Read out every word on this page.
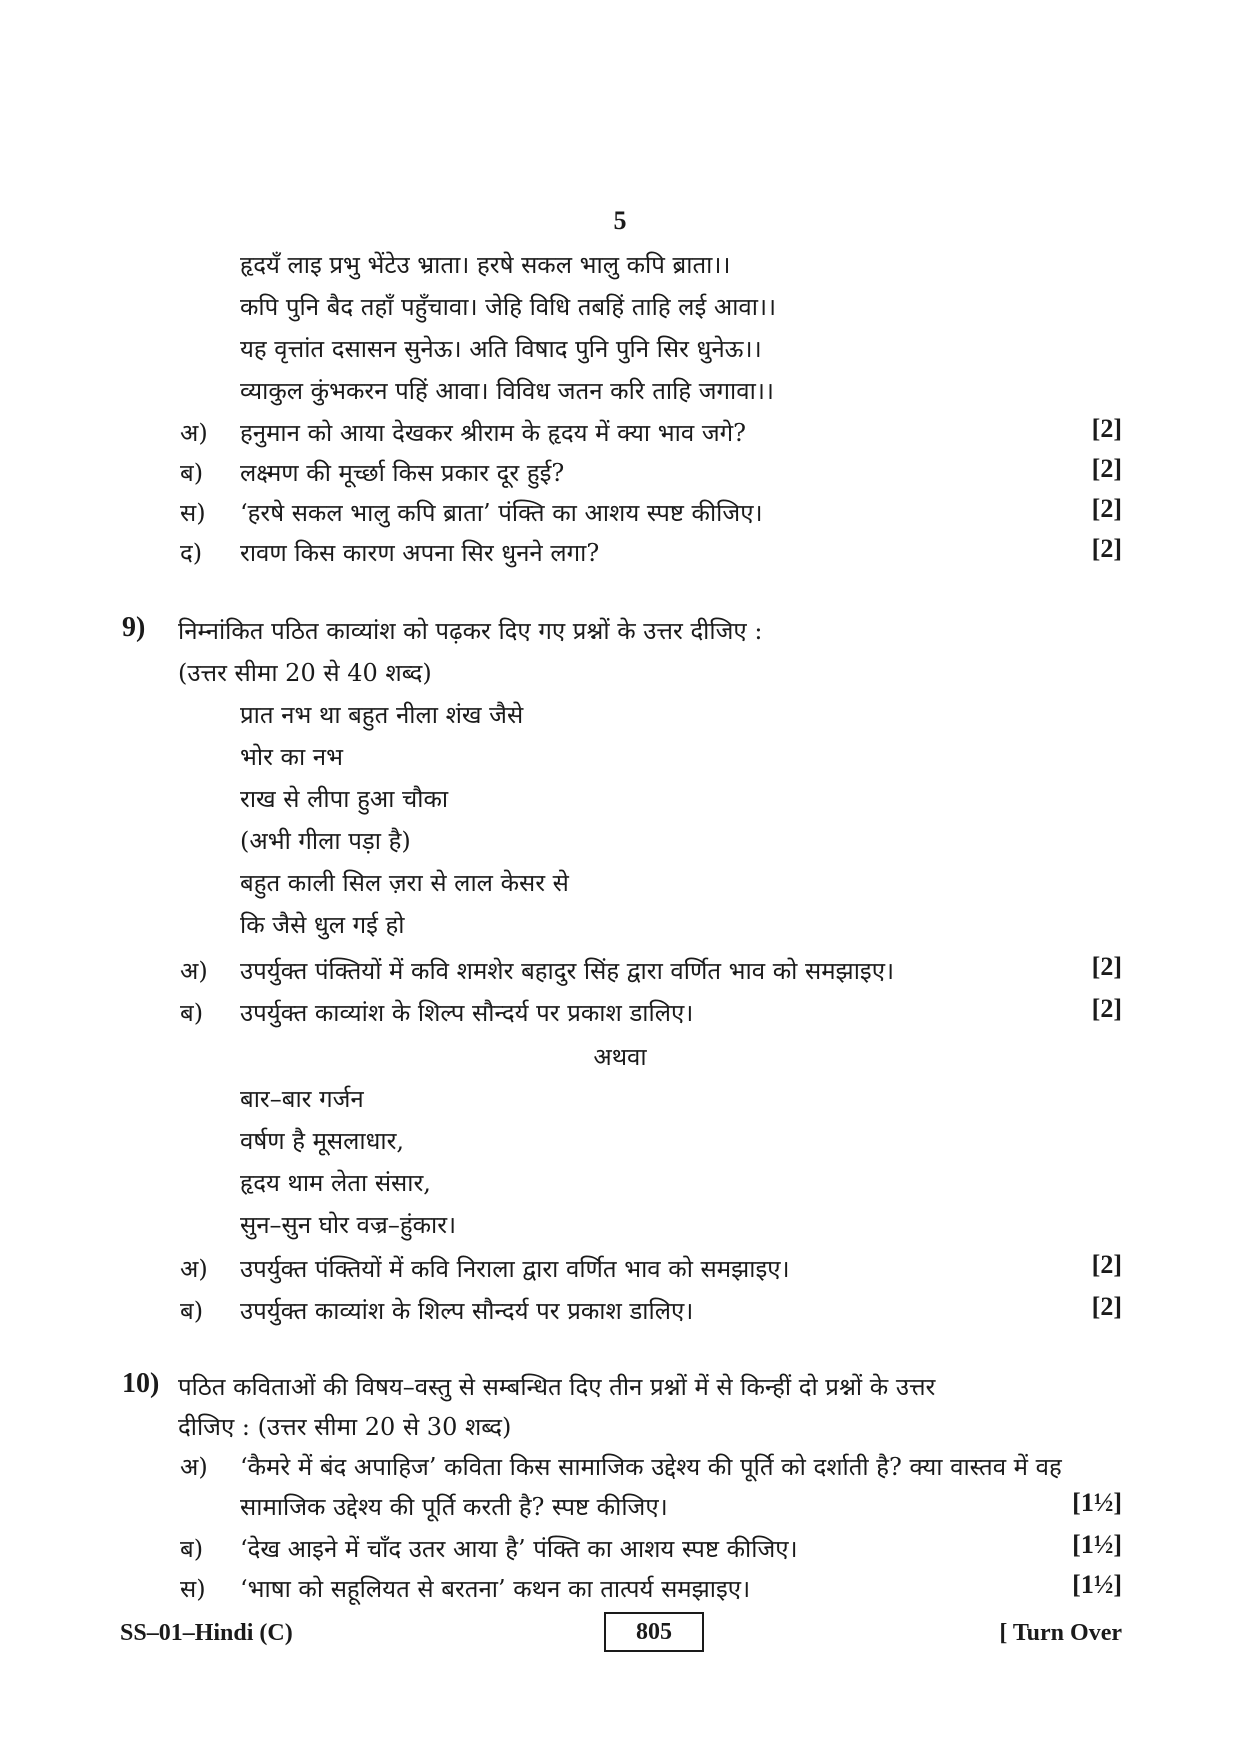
5
हृदयँ लाइ प्रभु भेंटेउ भ्राता। हरषे सकल भालु कपि ब्राता।।
कपि पुनि बैद तहाँ पहुँचावा। जेहि विधि तबहिं ताहि लई आवा।।
यह वृत्तांत दसासन सुनेऊ। अति विषाद पुनि पुनि सिर धुनेऊ।।
व्याकुल कुंभकरन पहिं आवा। विविध जतन करि ताहि जगावा।।
अ) हनुमान को आया देखकर श्रीराम के हृदय में क्या भाव जगे?	[2]
ब) लक्ष्मण की मूर्च्छा किस प्रकार दूर हुई?	[2]
स) ‘हरषे सकल भालु कपि ब्राता’ पंक्ति का आशय स्पष्ट कीजिए।	[2]
द) रावण किस कारण अपना सिर धुनने लगा?	[2]
9) निम्नांकित पठित काव्यांश को पढ़कर दिए गए प्रश्नों के उत्तर दीजिए :
(उत्तर सीमा 20 से 40 शब्द)
प्रात नभ था बहुत नीला शंख जैसे
भोर का नभ
राख से लीपा हुआ चौका
(अभी गीला पड़ा है)
बहुत काली सिल ज़रा से लाल केसर से
कि जैसे धुल गई हो
अ) उपर्युक्त पंक्तियों में कवि शमशेर बहादुर सिंह द्वारा वर्णित भाव को समझाइए।	[2]
ब) उपर्युक्त काव्यांश के शिल्प सौन्दर्य पर प्रकाश डालिए।	[2]
अथवा
बार–बार गर्जन
वर्षण है मूसलाधार,
हृदय थाम लेता संसार,
सुन–सुन घोर वज्र–हुंकार।
अ) उपर्युक्त पंक्तियों में कवि निराला द्वारा वर्णित भाव को समझाइए।	[2]
ब) उपर्युक्त काव्यांश के शिल्प सौन्दर्य पर प्रकाश डालिए।	[2]
10) पठित कविताओं की विषय–वस्तु से सम्बन्धित दिए तीन प्रश्नों में से किन्हीं दो प्रश्नों के उत्तर
दीजिए : (उत्तर सीमा 20 से 30 शब्द)
अ) ‘कैमरे में बंद अपाहिज’ कविता किस सामाजिक उद्देश्य की पूर्ति को दर्शाती है? क्या वास्तव में वह
सामाजिक उद्देश्य की पूर्ति करती है? स्पष्ट कीजिए।	[1½]
ब) ‘देख आइने में चाँद उतर आया है’ पंक्ति का आशय स्पष्ट कीजिए।	[1½]
स) ‘भाषा को सहूलियत से बरतना’ कथन का तात्पर्य समझाइए।	[1½]
SS–01–Hindi (C)	805	[ Turn Over
